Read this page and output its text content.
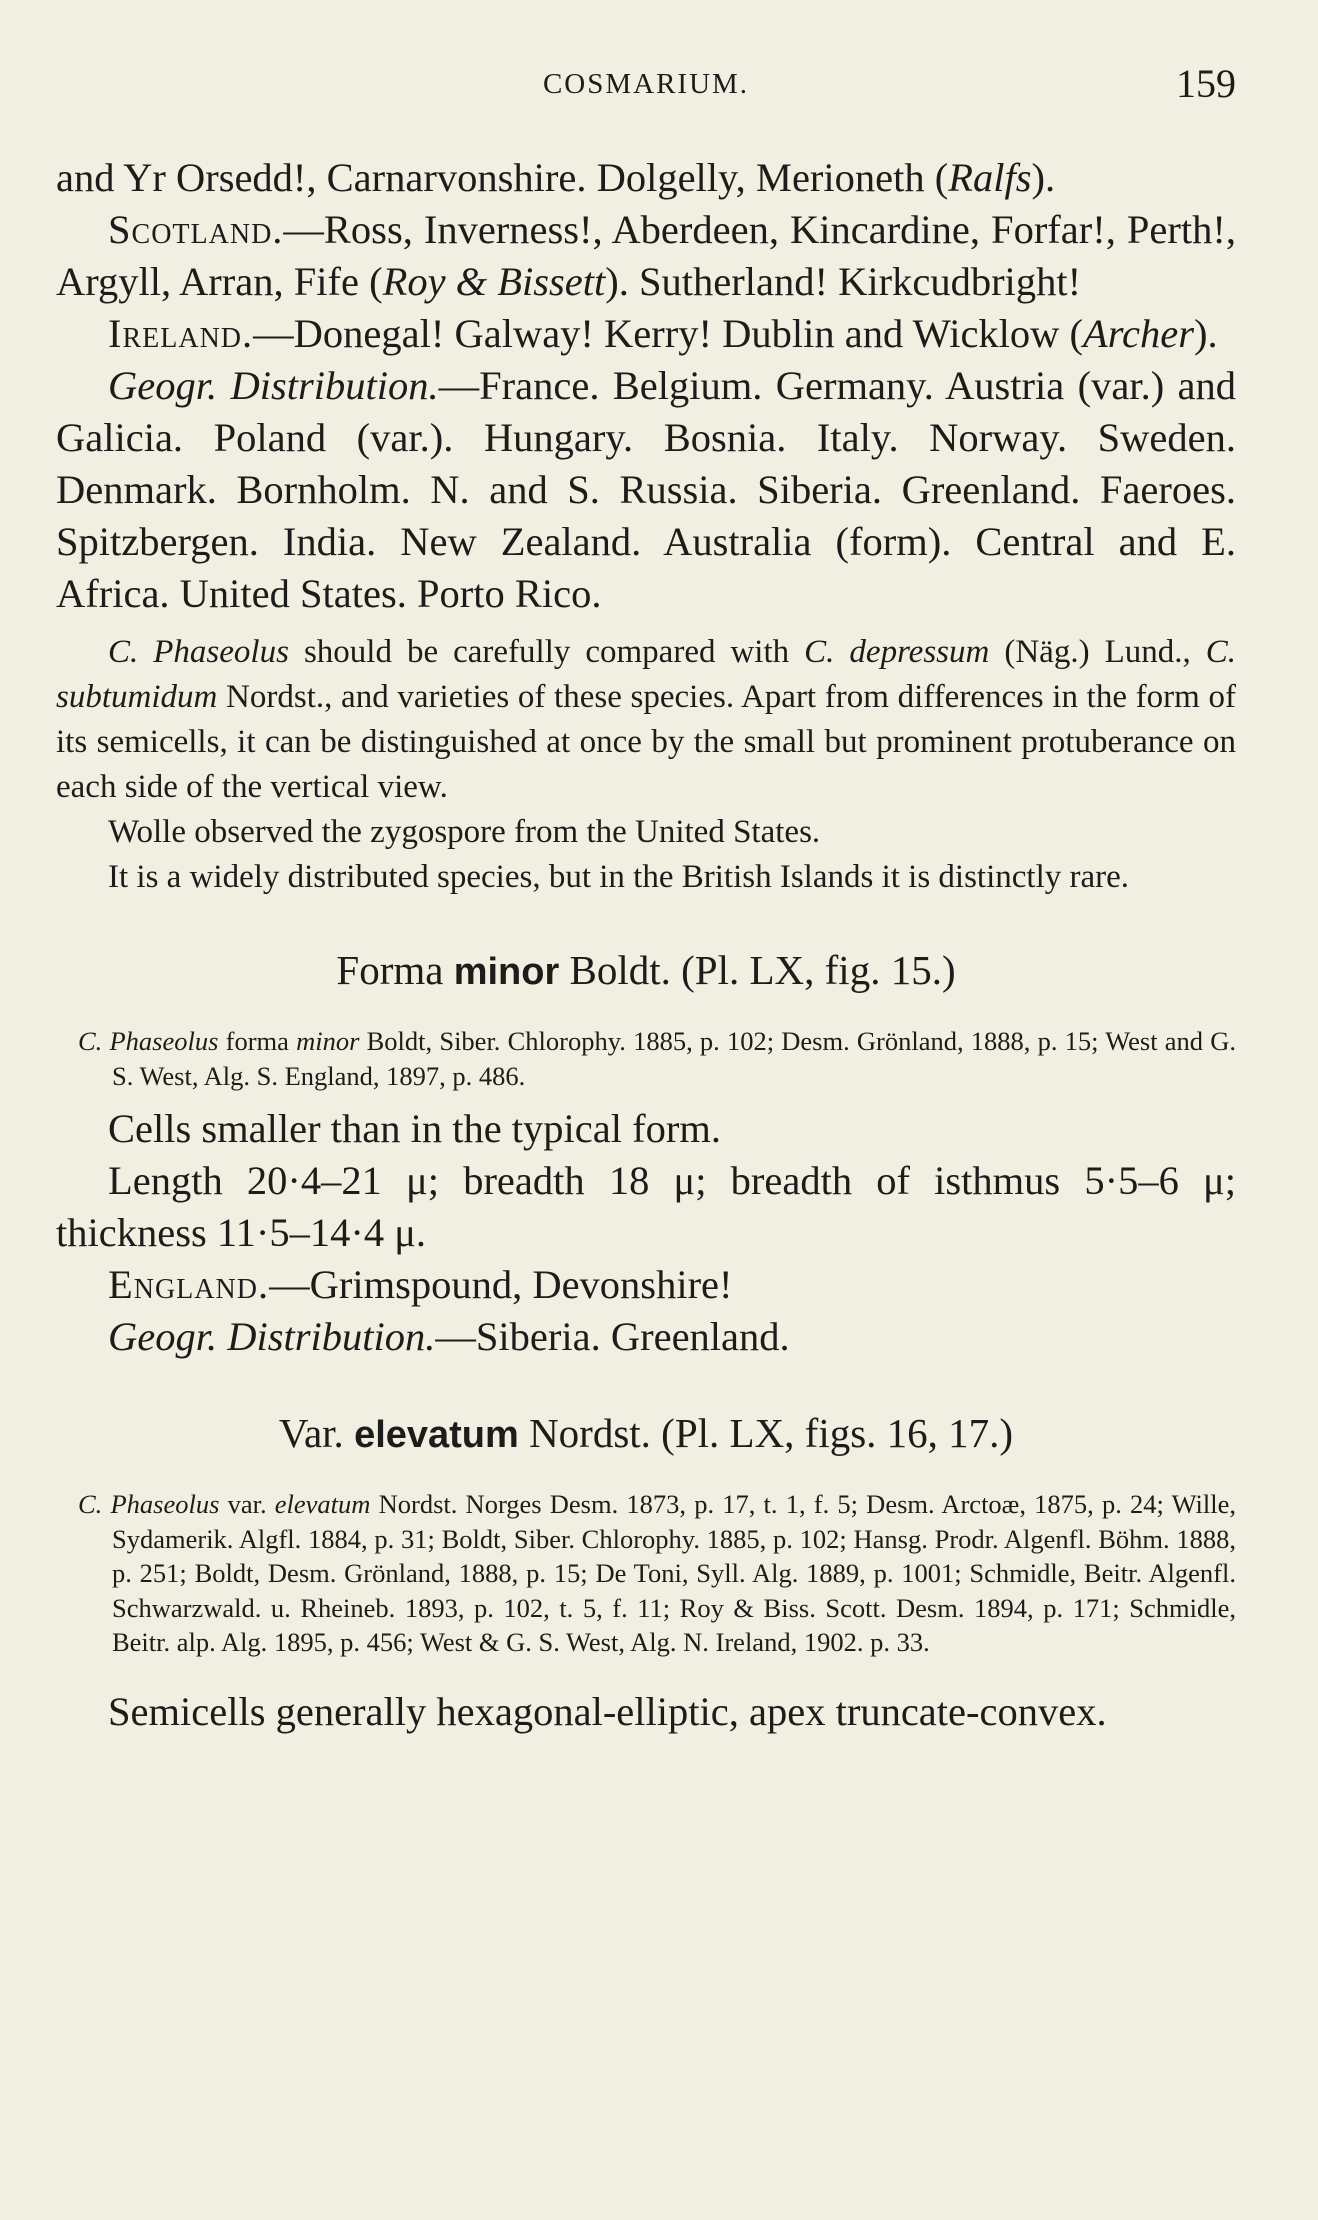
COSMARIUM.	159

and Yr Orsedd!, Carnarvonshire. Dolgelly, Merioneth (Ralfs).

Scotland.—Ross, Inverness!, Aberdeen, Kincardine, Forfar!, Perth!, Argyll, Arran, Fife (Roy & Bissett). Sutherland! Kirkcudbright!

Ireland.—Donegal! Galway! Kerry! Dublin and Wicklow (Archer).

Geogr. Distribution.—France. Belgium. Germany. Austria (var.) and Galicia. Poland (var.). Hungary. Bosnia. Italy. Norway. Sweden. Denmark. Bornholm. N. and S. Russia. Siberia. Greenland. Faeroes. Spitzbergen. India. New Zealand. Australia (form). Central and E. Africa. United States. Porto Rico.

C. Phaseolus should be carefully compared with C. depressum (Näg.) Lund., C. subtumidum Nordst., and varieties of these species. Apart from differences in the form of its semicells, it can be distinguished at once by the small but prominent protuberance on each side of the vertical view.

Wolle observed the zygospore from the United States.

It is a widely distributed species, but in the British Islands it is distinctly rare.

Forma minor Boldt. (Pl. LX, fig. 15.)

C. Phaseolus forma minor Boldt, Siber. Chlorophy. 1885, p. 102; Desm. Grönland, 1888, p. 15; West and G. S. West, Alg. S. England, 1897, p. 486.

Cells smaller than in the typical form.

Length 20·4–21 μ; breadth 18 μ; breadth of isthmus 5·5–6 μ; thickness 11·5–14·4 μ.

England.—Grimspound, Devonshire!

Geogr. Distribution.—Siberia. Greenland.

Var. elevatum Nordst. (Pl. LX, figs. 16, 17.)

C. Phaseolus var. elevatum Nordst. Norges Desm. 1873, p. 17, t. 1, f. 5; Desm. Arctoæ, 1875, p. 24; Wille, Sydamerik. Algfl. 1884, p. 31; Boldt, Siber. Chlorophy. 1885, p. 102; Hansg. Prodr. Algenfl. Böhm. 1888, p. 251; Boldt, Desm. Grönland, 1888, p. 15; De Toni, Syll. Alg. 1889, p. 1001; Schmidle, Beitr. Algenfl. Schwarzwald. u. Rheineb. 1893, p. 102, t. 5, f. 11; Roy & Biss. Scott. Desm. 1894, p. 171; Schmidle, Beitr. alp. Alg. 1895, p. 456; West & G. S. West, Alg. N. Ireland, 1902. p. 33.

Semicells generally hexagonal-elliptic, apex truncate-convex.
